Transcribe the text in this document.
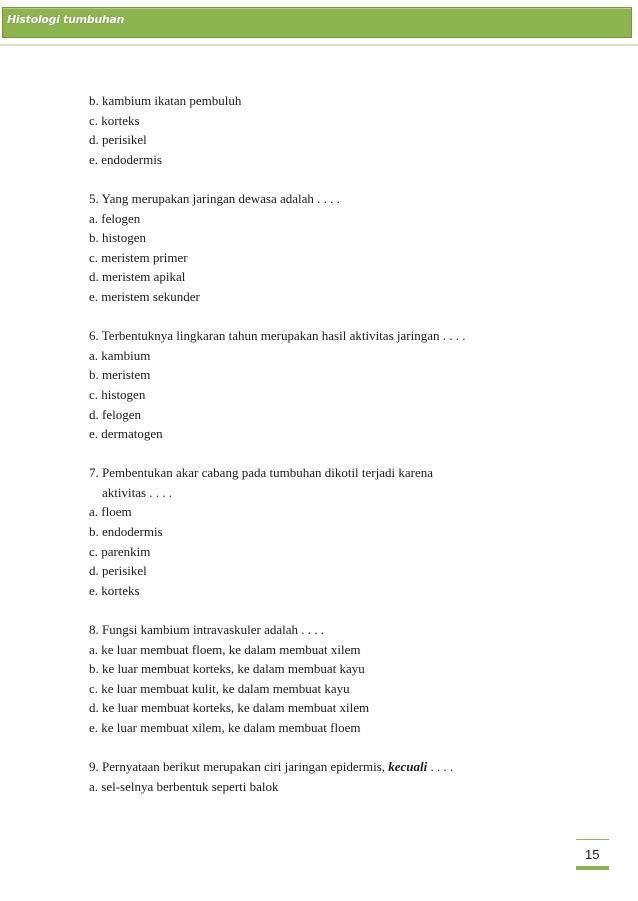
Histologi tumbuhan
b. kambium ikatan pembuluh
c. korteks
d. perisikel
e. endodermis
5. Yang merupakan jaringan dewasa adalah . . . .
a. felogen
b. histogen
c. meristem primer
d. meristem apikal
e. meristem sekunder
6. Terbentuknya lingkaran tahun merupakan hasil aktivitas jaringan . . . .
a. kambium
b. meristem
c. histogen
d. felogen
e. dermatogen
7. Pembentukan akar cabang pada tumbuhan dikotil terjadi karena
aktivitas . . . .
a. floem
b. endodermis
c. parenkim
d. perisikel
e. korteks
8. Fungsi kambium intravaskuler adalah . . . .
a. ke luar membuat floem, ke dalam membuat xilem
b. ke luar membuat korteks, ke dalam membuat kayu
c. ke luar membuat kulit, ke dalam membuat kayu
d. ke luar membuat korteks, ke dalam membuat xilem
e. ke luar membuat xilem, ke dalam membuat floem
9. Pernyataan berikut merupakan ciri jaringan epidermis, kecuali . . . .
a. sel-selnya berbentuk seperti balok
15
